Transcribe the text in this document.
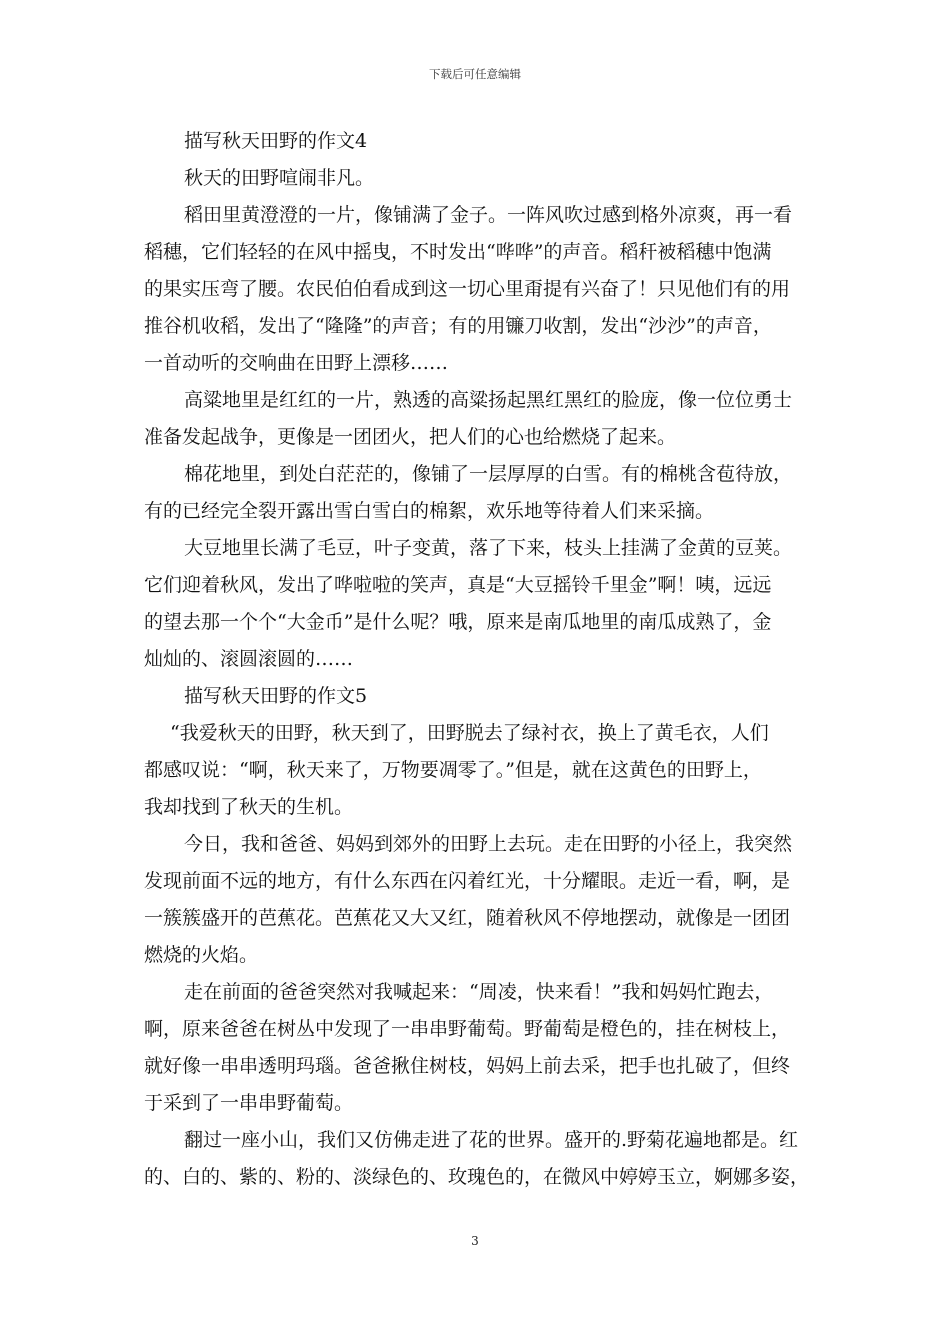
下载后可任意编辑
描写秋天田野的作文4
秋天的田野喧闹非凡。
稻田里黄澄澄的一片，像铺满了金子。一阵风吹过感到格外凉爽，再一看
稻穗，它们轻轻的在风中摇曳，不时发出“哗哗”的声音。稻秆被稻穗中饱满
的果实压弯了腰。农民伯伯看成到这一切心里甭提有兴奋了！只见他们有的用
推谷机收稻，发出了“隆隆”的声音；有的用镰刀收割，发出“沙沙”的声音，
一首动听的交响曲在田野上漂移……
高粱地里是红红的一片，熟透的高粱扬起黑红黑红的脸庞，像一位位勇士
准备发起战争，更像是一团团火，把人们的心也给燃烧了起来。
棉花地里，到处白茫茫的，像铺了一层厚厚的白雪。有的棉桃含苞待放，
有的已经完全裂开露出雪白雪白的棉絮，欢乐地等待着人们来采摘。
大豆地里长满了毛豆，叶子变黄，落了下来，枝头上挂满了金黄的豆荚。
它们迎着秋风，发出了哗啦啦的笑声，真是“大豆摇铃千里金”啊！咦，远远
的望去那一个个“大金币”是什么呢？哦，原来是南瓜地里的南瓜成熟了，金
灿灿的、滚圆滚圆的……
描写秋天田野的作文5
“我爱秋天的田野，秋天到了，田野脱去了绿衬衣，换上了黄毛衣，人们
都感叹说：“啊，秋天来了，万物要凋零了。”但是，就在这黄色的田野上，
我却找到了秋天的生机。
今日，我和爸爸、妈妈到郊外的田野上去玩。走在田野的小径上，我突然
发现前面不远的地方，有什么东西在闪着红光，十分耀眼。走近一看，啊，是
一簇簇盛开的芭蕉花。芭蕉花又大又红，随着秋风不停地摆动，就像是一团团
燃烧的火焰。
走在前面的爸爸突然对我喊起来：“周凌，快来看！”我和妈妈忙跑去，
啊，原来爸爸在树丛中发现了一串串野葡萄。野葡萄是橙色的，挂在树枝上，
就好像一串串透明玛瑙。爸爸揪住树枝，妈妈上前去采，把手也扎破了，但终
于采到了一串串野葡萄。
翻过一座小山，我们又仿佛走进了花的世界。盛开的.野菊花遍地都是。红
的、白的、紫的、粉的、淡绿色的、玫瑰色的，在微风中婷婷玉立，婀娜多姿，
3
